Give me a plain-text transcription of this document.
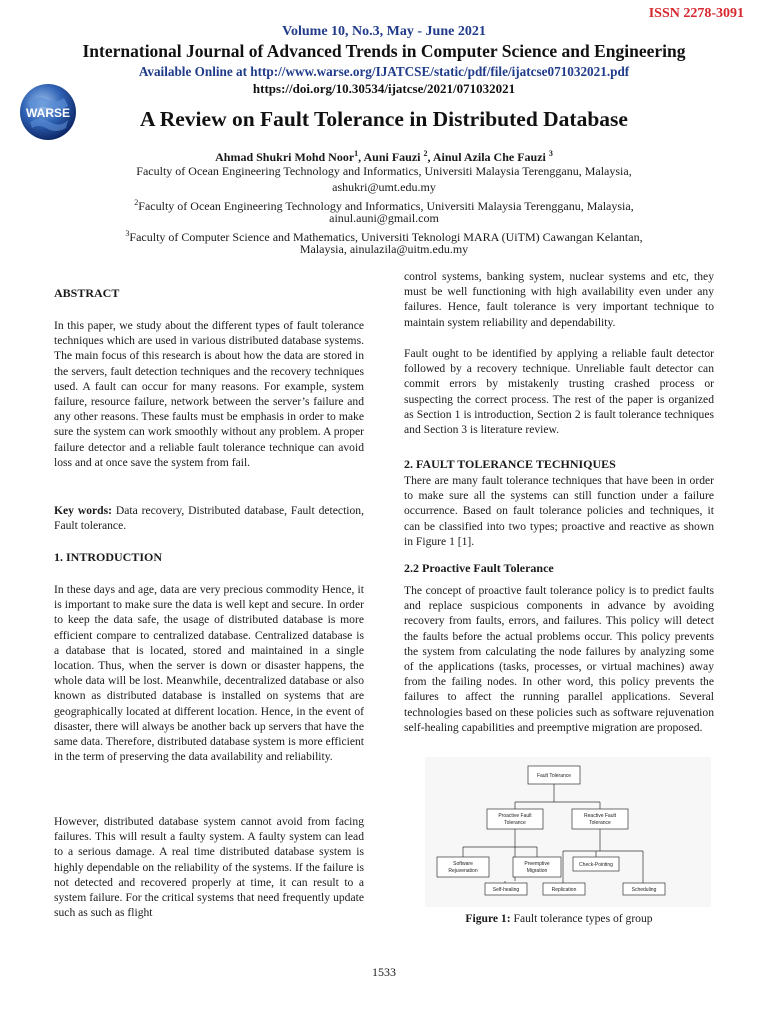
ISSN 2278-3091
Volume 10, No.3, May - June 2021
International Journal of Advanced Trends in Computer Science and Engineering
Available Online at http://www.warse.org/IJATCSE/static/pdf/file/ijatcse071032021.pdf
https://doi.org/10.30534/ijatcse/2021/071032021
WARSE	A Review on Fault Tolerance in Distributed Database
Ahmad Shukri Mohd Noor$^1$, Auni Fauzi $^2$, Ainul Azila Che Fauzi $^3$
Faculty of Ocean Engineering Technology and Informatics, Universiti Malaysia Terengganu, Malaysia,
ashukri@umt.edu.my
$^2$Faculty of Ocean Engineering Technology and Informatics, Universiti Malaysia Terengganu, Malaysia,
ainul.auni@gmail.com
$^3$Faculty of Computer Science and Mathematics, Universiti Teknologi MARA (UiTM) Cawangan Kelantan,
Malaysia, ainulazila@uitm.edu.my
ABSTRACT
In this paper, we study about the different types of fault tolerance techniques which are used in various distributed database systems. The main focus of this research is about how the data are stored in the servers, fault detection techniques and the recovery techniques used. A fault can occur for many reasons. For example, system failure, resource failure, network between the server’s failure and any other reasons. These faults must be emphasis in order to make sure the system can work smoothly without any problem. A proper failure detector and a reliable fault tolerance technique can avoid loss and at once save the system from fail.
Key words: Data recovery, Distributed database, Fault detection, Fault tolerance.
1. INTRODUCTION
In these days and age, data are very precious commodity Hence, it is important to make sure the data is well kept and secure. In order to keep the data safe, the usage of distributed database is more efficient compare to centralized database. Centralized database is a database that is located, stored and maintained in a single location. Thus, when the server is down or disaster happens, the whole data will be lost. Meanwhile, decentralized database or also known as distributed database is installed on systems that are geographically located at different location. Hence, in the event of disaster, there will always be another back up servers that have the same data. Therefore, distributed database system is more efficient in the term of preserving the data availability and reliability.
However, distributed database system cannot avoid from facing failures. This will result a faulty system. A faulty system can lead to a serious damage. A real time distributed database system is highly dependable on the reliability of the systems. If the failure is not detected and recovered properly at time, it can result to a system failure. For the critical systems that need frequently update such as such as flight
control systems, banking system, nuclear systems and etc, they must be well functioning with high availability even under any failures. Hence, fault tolerance is very important technique to maintain system reliability and dependability.
Fault ought to be identified by applying a reliable fault detector followed by a recovery technique. Unreliable fault detector can commit errors by mistakenly trusting crashed process or suspecting the correct process. The rest of the paper is organized as Section 1 is introduction, Section 2 is fault tolerance techniques and Section 3 is literature review.
2. FAULT TOLERANCE TECHNIQUES
There are many fault tolerance techniques that have been in order to make sure all the systems can still function under a failure occurrence. Based on fault tolerance policies and techniques, it can be classified into two types; proactive and reactive as shown in Figure 1 [1].
2.2 Proactive Fault Tolerance
The concept of proactive fault tolerance policy is to predict faults and replace suspicious components in advance by avoiding recovery from faults, errors, and failures. This policy will detect the faults before the actual problems occur. This policy prevents the system from calculating the node failures by analyzing some of the applications (tasks, processes, or virtual machines) away from the failing nodes. In other word, this policy prevents the failures to affect the running parallel applications. Several technologies based on these policies such as software rejuvenation self-healing capabilities and preemptive migration are proposed.
Fault Tolerance
Proactive Fault
Tolerance
Reactive Fault
Tolerance
Software
Rejuvenation
Preemptive
Migration
Check-Pointing
Self-healing	Replication	Scheduling
Figure 1: Fault tolerance types of group
1533
